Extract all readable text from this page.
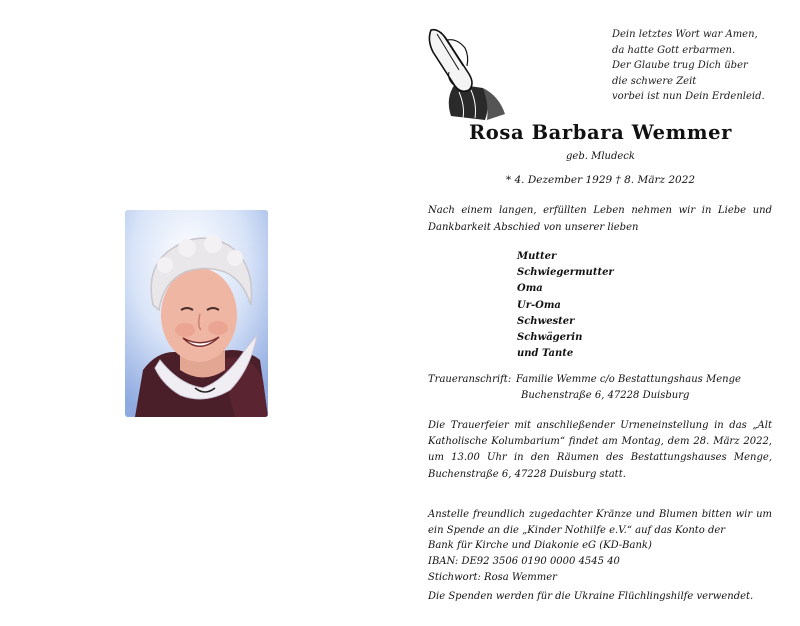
Dein letztes Wort war Amen,
da hatte Gott erbarmen.
Der Glaube trug Dich über
die schwere Zeit
vorbei ist nun Dein Erdenleid.
Rosa Barbara Wemmer
geb. Mludeck
* 4. Dezember 1929 † 8. März 2022
Nach einem langen, erfüllten Leben nehmen wir in Liebe und Dankbarkeit Abschied von unserer lieben
Mutter
Schwiegermutter
Oma
Ur-Oma
Schwester
Schwägerin
und Tante
Traueranschrift: Familie Wemme c/o Bestattungshaus Menge
Buchenstraße 6, 47228 Duisburg
Die Trauerfeier mit anschließender Urneneinstellung in das „Alt Katholische Kolumbarium“ findet am Montag, dem 28. März 2022, um 13.00 Uhr in den Räumen des Bestattungshauses Menge, Buchenstraße 6, 47228 Duisburg statt.
Anstelle freundlich zugedachter Kränze und Blumen bitten wir um ein Spende an die „Kinder Nothilfe e.V.“ auf das Konto der
Bank für Kirche und Diakonie eG (KD-Bank)
IBAN: DE92 3506 0190 0000 4545 40
Stichwort: Rosa Wemmer
Die Spenden werden für die Ukraine Flüchlingshilfe verwendet.
